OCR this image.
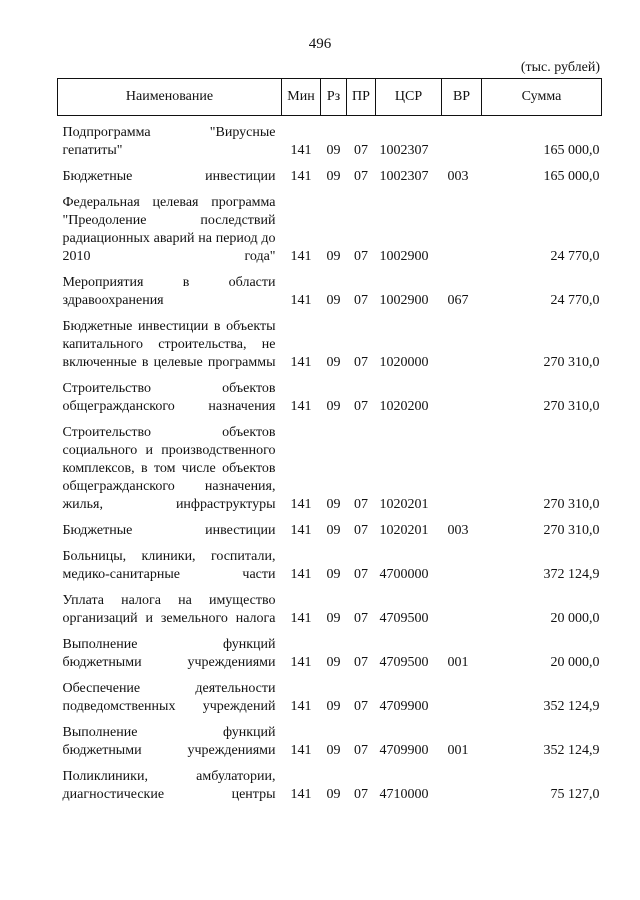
496
(тыс. рублей)
Наименование	Мин	Рз	ПР	ЦСР	ВР	Сумма

Подпрограмма "Вирусные гепатиты"	141	09	07	1002307		165 000,0

Бюджетные инвестиции	141	09	07	1002307	003	165 000,0

Федеральная целевая программа "Преодоление последствий радиационных аварий на период до 2010 года"	141	09	07	1002900		24 770,0

Мероприятия в области здравоохранения	141	09	07	1002900	067	24 770,0

Бюджетные инвестиции в объекты капитального строительства, не включенные в целевые программы	141	09	07	1020000		270 310,0

Строительство объектов общегражданского назначения	141	09	07	1020200		270 310,0

Строительство объектов социального и производственного комплексов, в том числе объектов общегражданского назначения, жилья, инфраструктуры	141	09	07	1020201		270 310,0

Бюджетные инвестиции	141	09	07	1020201	003	270 310,0

Больницы, клиники, госпитали, медико-санитарные части	141	09	07	4700000		372 124,9

Уплата налога на имущество организаций и земельного налога	141	09	07	4709500		20 000,0

Выполнение функций бюджетными учреждениями	141	09	07	4709500	001	20 000,0

Обеспечение деятельности подведомственных учреждений	141	09	07	4709900		352 124,9

Выполнение функций бюджетными учреждениями	141	09	07	4709900	001	352 124,9

Поликлиники, амбулатории, диагностические центры	141	09	07	4710000		75 127,0
